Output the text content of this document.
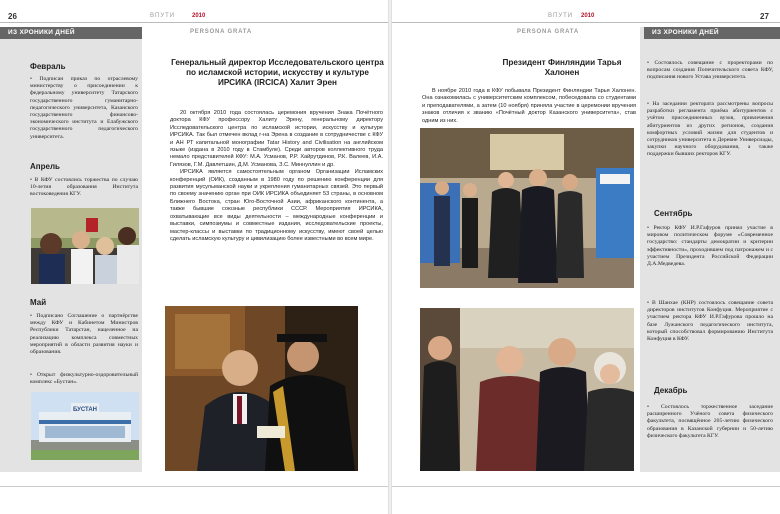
26	ВПУТИ	2010
ИЗ ХРОНИКИ ДНЕЙ	PERSONA GRATA
Февраль
• Подписан приказ по отраслевому министерству о присоединении к федеральному университету Татарского государственного гуманитарно-педагогического университета, Казанского государственного финансово-экономического института и Елабужского государственного педагогического университета.
Апрель
• В КФУ состоялись торжества по случаю 10-летия образования Института востоковедения КГУ.
Май
• Подписано Соглашение о партнёрстве между КФУ и Кабинетом Министров Республики Татарстан, нацеленное на реализацию комплекса совместных мероприятий в области развития науки и образования.
• Открыт физкультурно-оздоровительный комплекс «Бустан».
БУСТАН
Генеральный директор Исследовательского центра по исламской истории, искусству и культуре ИРСИКА (IRCICA) Халит Эрен

20 октября 2010 года состоялась церемония вручения Знака Почётного доктора КФУ профессору Халиту Эрену, генеральному директору Исследовательского центра по исламской истории, искусству и культуре ИРСИКА. Так был отмечен вклад г-на Эрена в создание в сотрудничестве с КФУ и АН РТ капитальной монографии Tatar History and Civilisation на английском языке (издана в 2010 году в Стамбуле). Среди авторов коллективного труда немало представителей КФУ: М.А. Усманов, Р.Р. Хайрутдинов, Р.К. Валеев, И.А. Гилязов, Г.М. Давлетшин, Д.М. Усманова, З.С. Миннуллин и др.

ИРСИКА является самостоятельным органом Организации Исламских конференций (ОИК), созданным в 1980 году по решению конференции для развития мусульманской науки и укрепления гуманитарных связей. Это первый по своему значению орган при ОИК ИРСИКА объединяет 53 страны, в основном Ближнего Востока, стран Юго-Восточной Азии, африканского континента, а также бывшие союзные республики СССР. Мероприятия ИРСИКА, охватывающие все виды деятельности – международные конференции и выставки, симпозиумы и совместные издания, исследовательские проекты, мастер-классы и выставки по традиционному искусству, имеют своей целью сделать исламскую культуру и цивилизацию более известными во всем мире.

ВПУТИ 2010	27
PERSONA GRATA	ИЗ ХРОНИКИ ДНЕЙ
Президент Финляндии Тарья Халонен

В ноябре 2010 года в КФУ побывала Президент Финляндии Тарья Халонен. Она ознакомилась с университетским комплексом, побеседовала со студентами и преподавателями, а затем (10 ноября) приняла участие в церемонии вручения знаков отличия к званию «Почётный доктор Казанского университета», став одним из них.

• Состоялось совещание с проректорами по вопросам создания Попечительского совета КФУ, подписания нового Устава университета.
• На заседании ректората рассмотрены вопросы разработки регламента приёма абитуриентов с учётом присоединенных вузов, привлечения абитуриентов из других регионов, создания комфортных условий жизни для студентов и сотрудников университета в Деревне Универсиады, закупки научного оборудования, а также поддержки бывших ректоров КГУ.
Сентябрь
• Ректор КФУ И.Р.Гафуров принял участие в мировом политическом форуме «Современное государство: стандарты демократии и критерии эффективности», проходившем под патронажем и с участием Президента Российской Федерации Д.А.Медведева.
• В Шанхае (КНР) состоялось совещание совета директоров институтов Конфуция. Мероприятие с участием ректора КФУ И.Р.Гафурова прошло на базе Лужанского педагогического института, который способствовал формированию Института Конфуция в КФУ.
Декабрь
• Состоялось торжественное заседание расширенного Учёного совета физического факультета, посвящённое 205-летию физического образования в Казанской губернии и 50-летию физического факультета КГУ.
